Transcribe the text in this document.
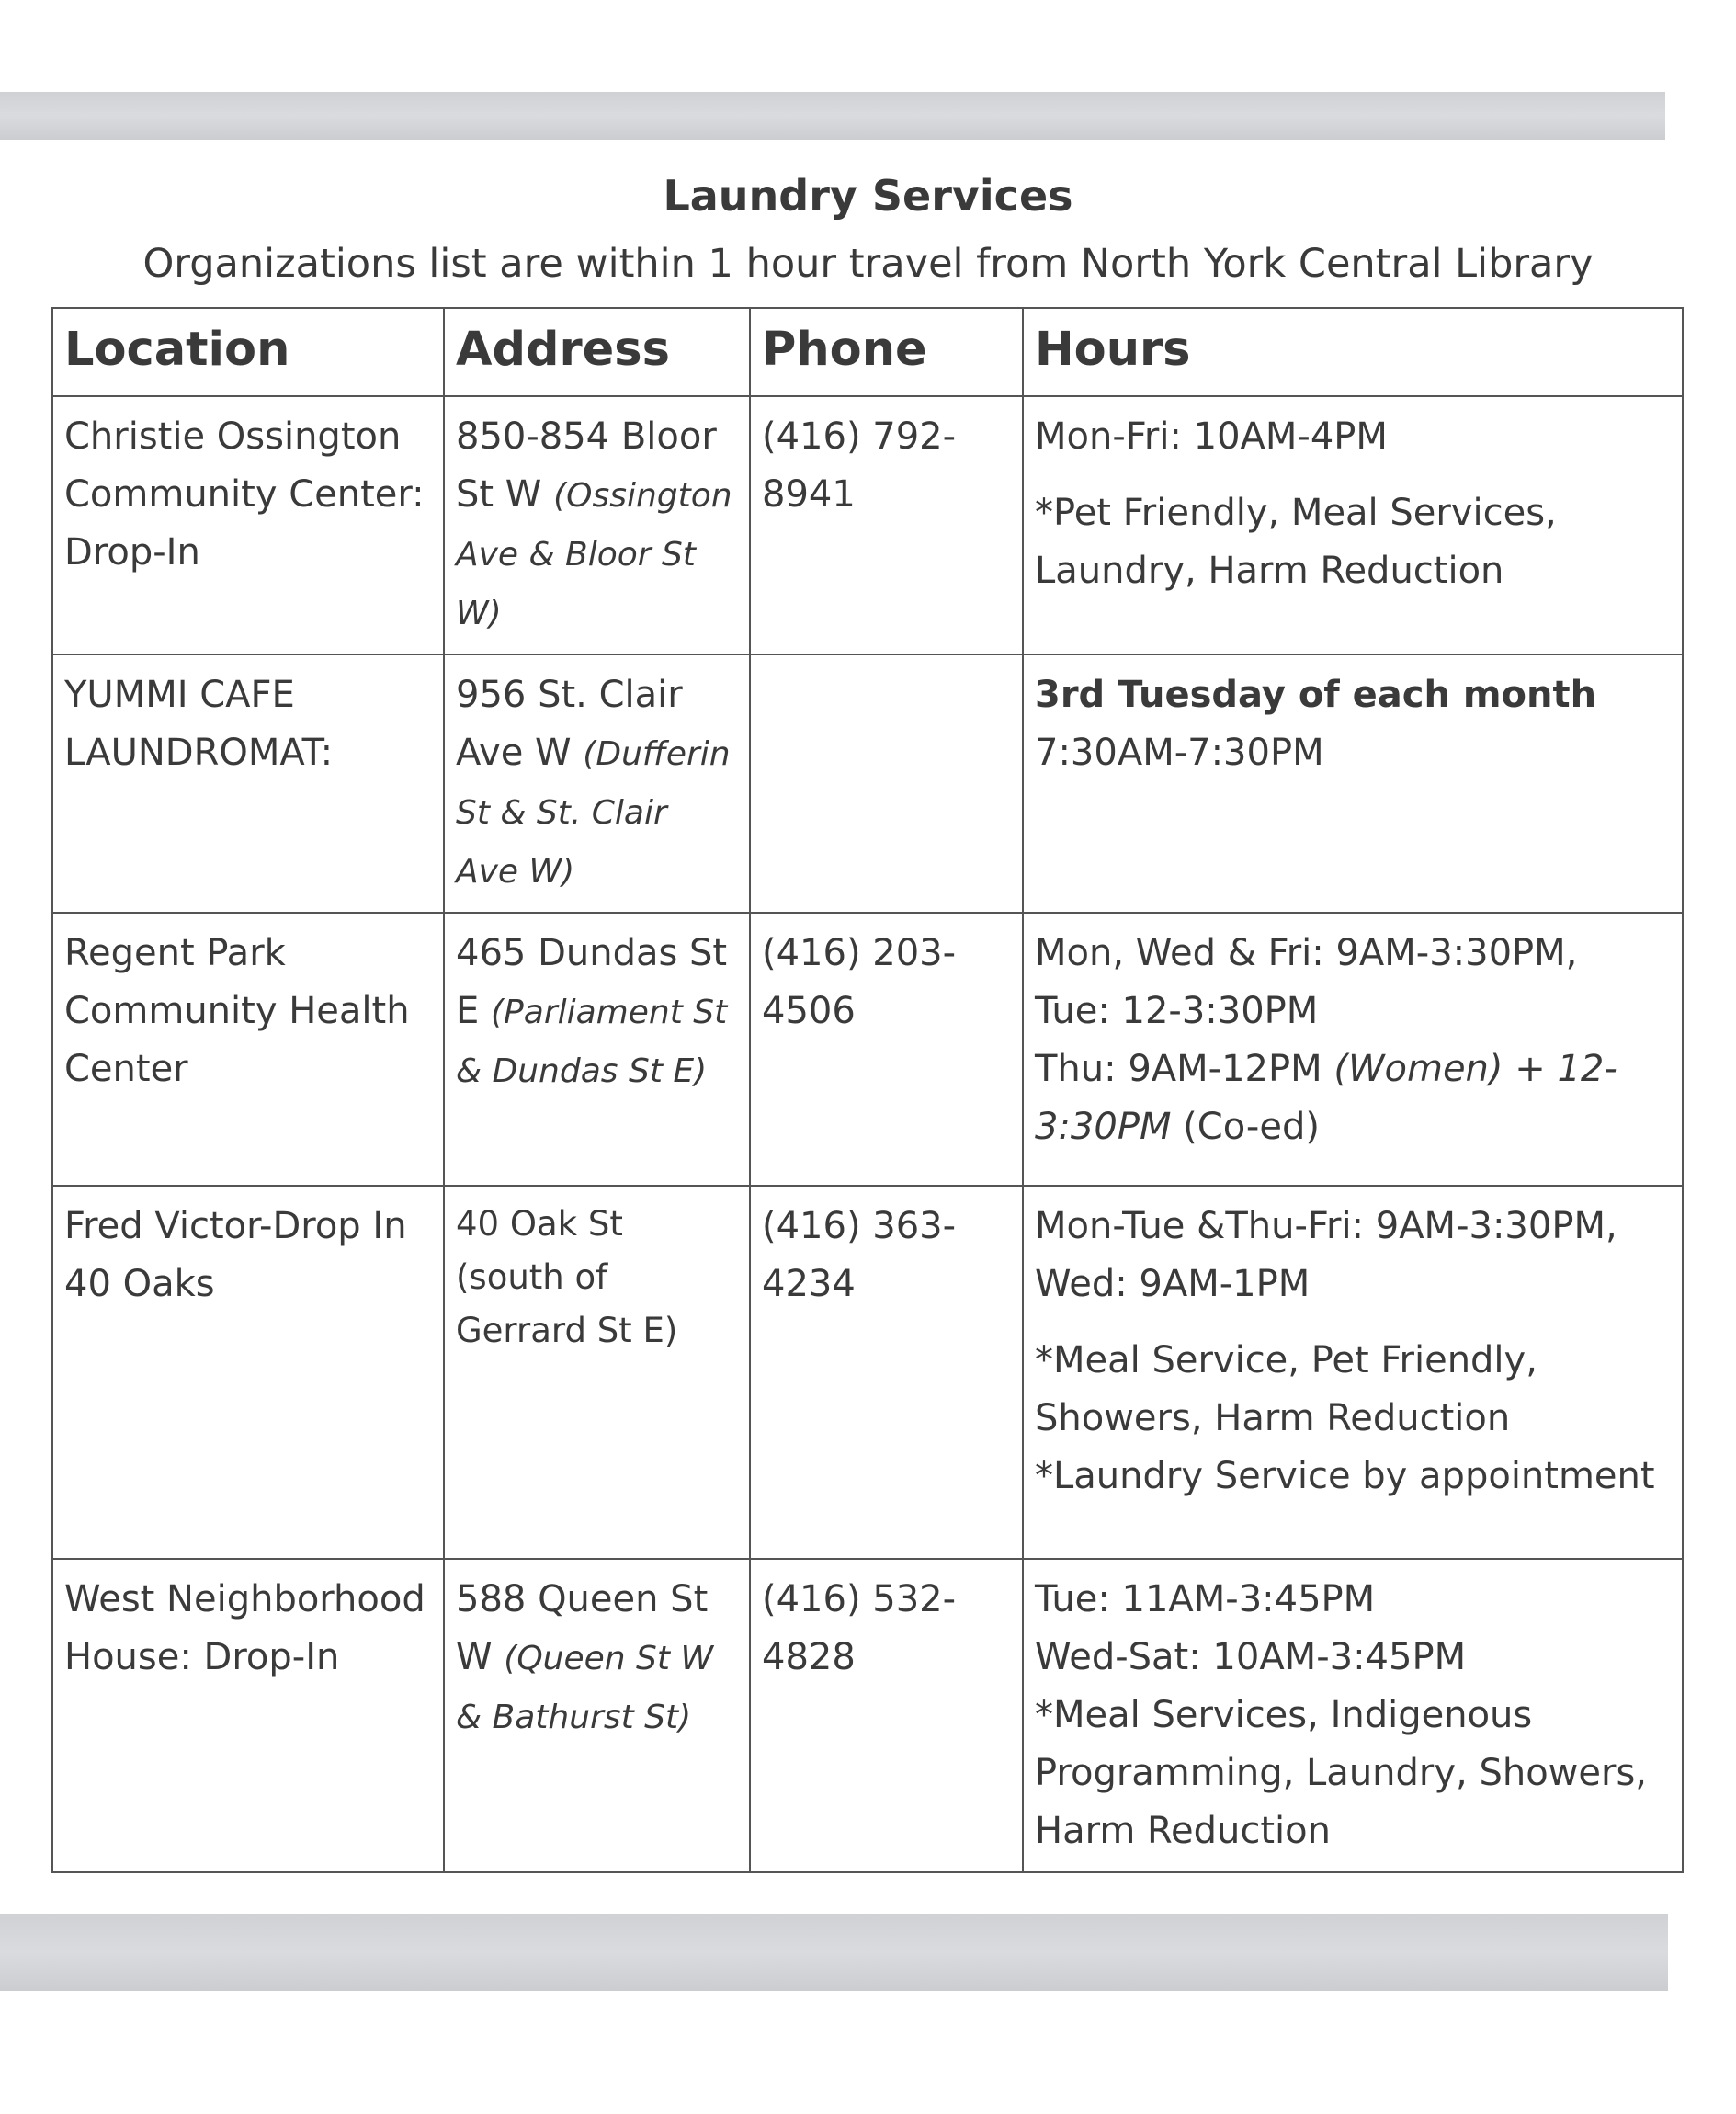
Laundry Services
Organizations list are within 1 hour travel from North York Central Library
Location	Address	Phone	Hours
Christie Ossington Community Center: Drop-In	850-854 Bloor St W (Ossington Ave & Bloor St W)	(416) 792-8941	Mon-Fri: 10AM-4PM
*Pet Friendly, Meal Services, Laundry, Harm Reduction

YUMMI CAFE LAUNDROMAT:	956 St. Clair Ave W (Dufferin St & St. Clair Ave W)		3rd Tuesday of each month
7:30AM-7:30PM

Regent Park Community Health Center	465 Dundas St E (Parliament St & Dundas St E)	(416) 203-4506	Mon, Wed & Fri: 9AM-3:30PM,
Tue: 12-3:30PM
Thu: 9AM-12PM (Women) + 12-3:30PM (Co-ed)

Fred Victor-Drop In 40 Oaks	40 Oak St (south of Gerrard St E)	(416) 363-4234	Mon-Tue &Thu-Fri: 9AM-3:30PM,
Wed: 9AM-1PM
*Meal Service, Pet Friendly, Showers, Harm Reduction
*Laundry Service by appointment

West Neighborhood House: Drop-In	588 Queen St W (Queen St W & Bathurst St)	(416) 532-4828	Tue: 11AM-3:45PM
Wed-Sat: 10AM-3:45PM
*Meal Services, Indigenous Programming, Laundry, Showers, Harm Reduction
